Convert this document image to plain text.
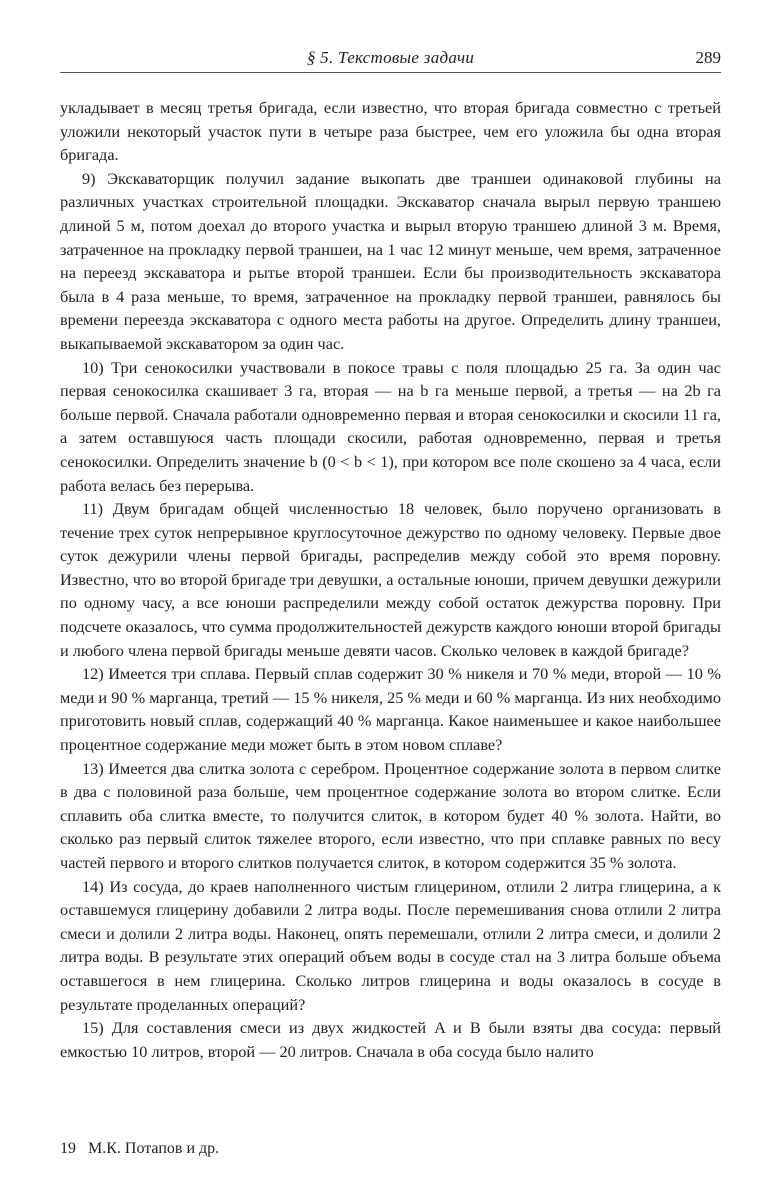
§ 5. Текстовые задачи	289

укладывает в месяц третья бригада, если известно, что вторая бригада совместно с третьей уложили некоторый участок пути в четыре раза быстрее, чем его уложила бы одна вторая бригада.

9) Экскаваторщик получил задание выкопать две траншеи одинаковой глубины на различных участках строительной площадки. Экскаватор сначала вырыл первую траншею длиной 5 м, потом доехал до второго участка и вырыл вторую траншею длиной 3 м. Время, затраченное на прокладку первой траншеи, на 1 час 12 минут меньше, чем время, затраченное на переезд экскаватора и рытье второй траншеи. Если бы производительность экскаватора была в 4 раза меньше, то время, затраченное на прокладку первой траншеи, равнялось бы времени переезда экскаватора с одного места работы на другое. Определить длину траншеи, выкапываемой экскаватором за один час.

10) Три сенокосилки участвовали в покосе травы с поля площадью 25 га. За один час первая сенокосилка скашивает 3 га, вторая — на b га меньше первой, а третья — на 2b га больше первой. Сначала работали одновременно первая и вторая сенокосилки и скосили 11 га, а затем оставшуюся часть площади скосили, работая одновременно, первая и третья сенокосилки. Определить значение b (0 < b < 1), при котором все поле скошено за 4 часа, если работа велась без перерыва.

11) Двум бригадам общей численностью 18 человек, было поручено организовать в течение трех суток непрерывное круглосуточное дежурство по одному человеку. Первые двое суток дежурили члены первой бригады, распределив между собой это время поровну. Известно, что во второй бригаде три девушки, а остальные юноши, причем девушки дежурили по одному часу, а все юноши распределили между собой остаток дежурства поровну. При подсчете оказалось, что сумма продолжительностей дежурств каждого юноши второй бригады и любого члена первой бригады меньше девяти часов. Сколько человек в каждой бригаде?

12) Имеется три сплава. Первый сплав содержит 30 % никеля и 70 % меди, второй — 10 % меди и 90 % марганца, третий — 15 % никеля, 25 % меди и 60 % марганца. Из них необходимо приготовить новый сплав, содержащий 40 % марганца. Какое наименьшее и какое наибольшее процентное содержание меди может быть в этом новом сплаве?

13) Имеется два слитка золота с серебром. Процентное содержание золота в первом слитке в два с половиной раза больше, чем процентное содержание золота во втором слитке. Если сплавить оба слитка вместе, то получится слиток, в котором будет 40 % золота. Найти, во сколько раз первый слиток тяжелее второго, если известно, что при сплавке равных по весу частей первого и второго слитков получается слиток, в котором содержится 35 % золота.

14) Из сосуда, до краев наполненного чистым глицерином, отлили 2 литра глицерина, а к оставшемуся глицерину добавили 2 литра воды. После перемешивания снова отлили 2 литра смеси и долили 2 литра воды. Наконец, опять перемешали, отлили 2 литра смеси, и долили 2 литра воды. В результате этих операций объем воды в сосуде стал на 3 литра больше объема оставшегося в нем глицерина. Сколько литров глицерина и воды оказалось в сосуде в результате проделанных операций?

15) Для составления смеси из двух жидкостей A и B были взяты два сосуда: первый емкостью 10 литров, второй — 20 литров. Сначала в оба сосуда было налито

19 М.К. Потапов и др.
